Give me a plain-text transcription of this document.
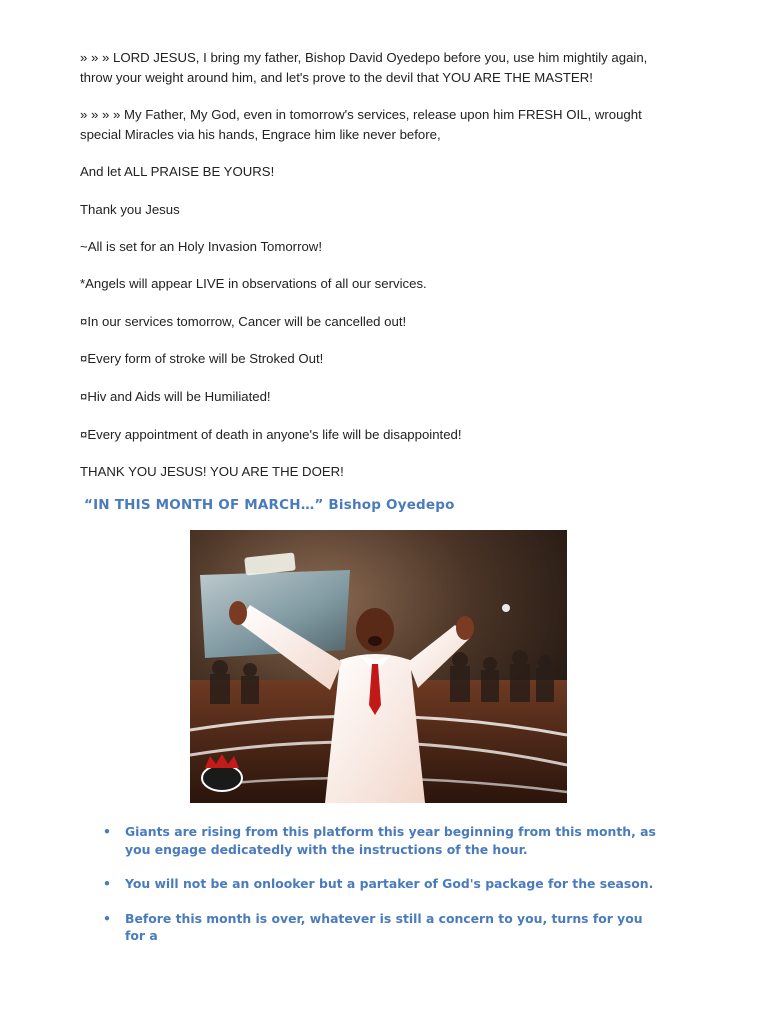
» » » LORD JESUS, I bring my father, Bishop David Oyedepo before you, use him mightily again, throw your weight around him, and let's prove to the devil that YOU ARE THE MASTER!

» » » » My Father, My God, even in tomorrow's services, release upon him FRESH OIL, wrought special Miracles via his hands, Engrace him like never before,

And let ALL PRAISE BE YOURS!

Thank you Jesus

~All is set for an Holy Invasion Tomorrow!

*Angels will appear LIVE in observations of all our services.

¤In our services tomorrow, Cancer will be cancelled out!

¤Every form of stroke will be Stroked Out!

¤Hiv and Aids will be Humiliated!

¤Every appointment of death in anyone's life will be disappointed!

THANK YOU JESUS! YOU ARE THE DOER!

“IN THIS MONTH OF MARCH…” Bishop Oyedepo
• Giants are rising from this platform this year beginning from this month, as you engage dedicatedly with the instructions of the hour.
• You will not be an onlooker but a partaker of God's package for the season.
• Before this month is over, whatever is still a concern to you, turns for you for a
